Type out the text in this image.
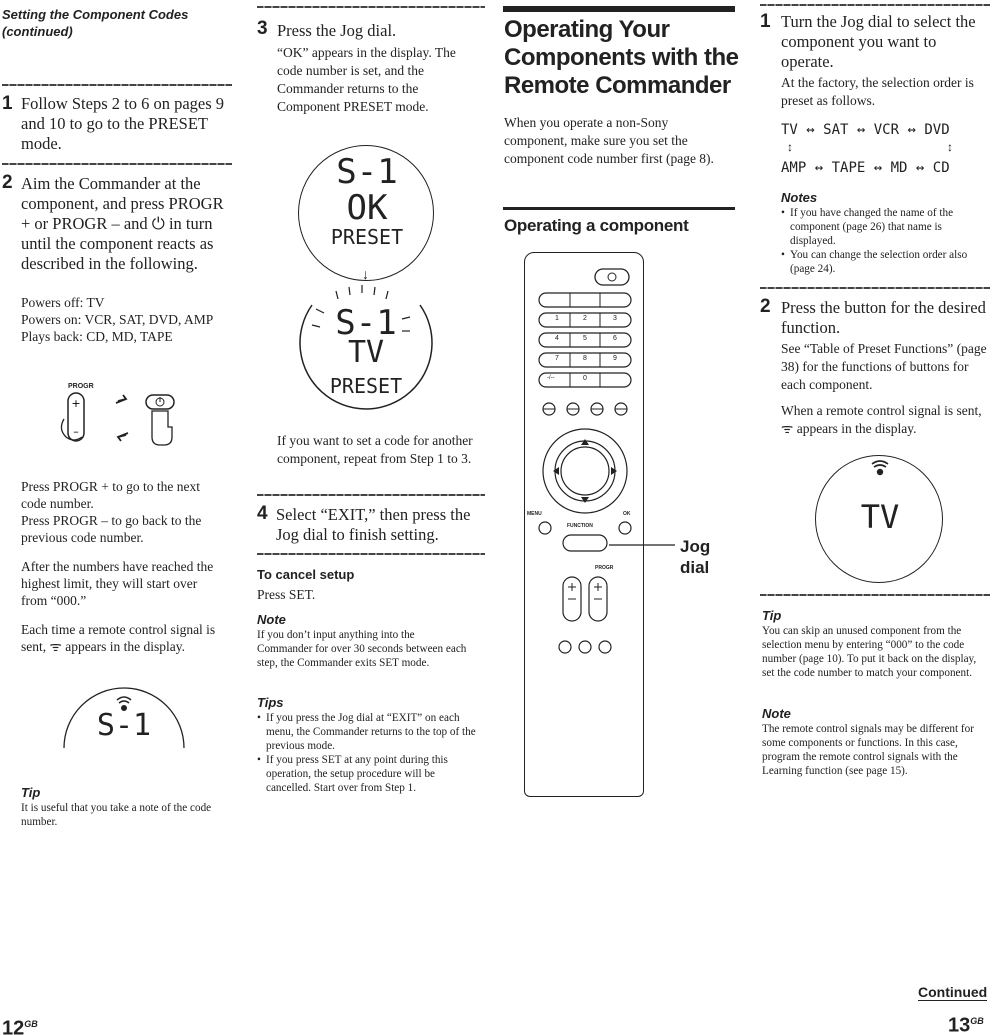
Setting the Component Codes (continued)
1 Follow Steps 2 to 6 on pages 9 and 10 to go to the PRESET mode.

2 Aim the Commander at the component, and press PROGR + or PROGR – and ⏻ in turn until the component reacts as described in the following.

Powers off: TV
Powers on: VCR, SAT, DVD, AMP
Plays back: CD, MD, TAPE
PROGR
+
–

Press PROGR + to go to the next code number.

Press PROGR – to go back to the previous code number.

After the numbers have reached the highest limit, they will start over from “000.”

Each time a remote control signal is sent, ᯤ appears in the display.

S-1
Tip

It is useful that you take a note of the code number.

$12^{GB}$
3 Press the Jog dial.

“OK” appears in the display. The code number is set, and the Commander returns to the Component PRESET mode.

S-1
OK
PRESET
↓
S-1
TV
PRESET

If you want to set a code for another component, repeat from Step 1 to 3.

4 Select “EXIT,” then press the Jog dial to finish setting.

To cancel setup

Press SET.

Note

If you don’t input anything into the Commander for over 30 seconds between each step, the Commander exits SET mode.

Tips
• If you press the Jog dial at “EXIT” on each menu, the Commander returns to the top of the previous mode.
• If you press SET at any point during this operation, the setup procedure will be cancelled. Start over from Step 1.
Operating Your Components with the Remote Commander

When you operate a non-Sony component, make sure you set the component code number first (page 8).

Operating a component
1	2	3
4	5	6
7	8	9
-/--	0
MENU	OK
FUNCTION
PROGR
Jog
dial
1 Turn the Jog dial to select the component you want to operate.

At the factory, the selection order is preset as follows.

TV ↔ SAT ↔ VCR ↔ DVD
↕	↕
AMP ↔ TAPE ↔ MD ↔ CD
Notes
• If you have changed the name of the component (page 26) that name is displayed.
• You can change the selection order also (page 24).
2 Press the button for the desired function.

See “Table of Preset Functions” (page 38) for the functions of buttons for each component.

When a remote control signal is sent, ᯤ appears in the display.

TV
Tip

You can skip an unused component from the selection menu by entering “000” to the code number (page 10). To put it back on the display, set the code number to match your component.

Note

The remote control signals may be different for some components or functions. In this case, program the remote control signals with the Learning function (see page 15).

Continued
$13^{GB}$
